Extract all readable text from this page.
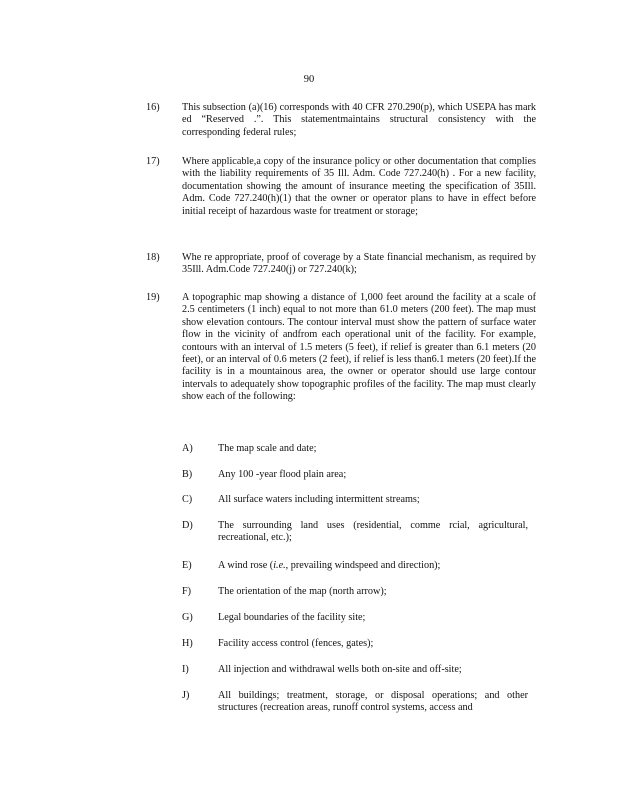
90
16) This subsection (a)(16) corresponds with 40 CFR 270.290(p), which USEPA has mark ed “Reserved .”. This statementmaintains structural consistency with the corresponding federal rules;
17) Where applicable,a copy of the insurance policy or other documentation that complies with the liability requirements of 35 Ill. Adm. Code 727.240(h) . For a new facility, documentation showing the amount of insurance meeting the specification of 35Ill. Adm. Code 727.240(h)(1) that the owner or operator plans to have in effect before initial receipt of hazardous waste for treatment or storage;
18) Whe re appropriate, proof of coverage by a State financial mechanism, as required by 35Ill. Adm.Code 727.240(j) or 727.240(k);
19) A topographic map showing a distance of 1,000 feet around the facility at a scale of 2.5 centimeters (1 inch) equal to not more than 61.0 meters (200 feet). The map must show elevation contours. The contour interval must show the pattern of surface water flow in the vicinity of andfrom each operational unit of the facility. For example, contours with an interval of 1.5 meters (5 feet), if relief is greater than 6.1 meters (20 feet), or an interval of 0.6 meters (2 feet), if relief is less than6.1 meters (20 feet).If the facility is in a mountainous area, the owner or operator should use large contour intervals to adequately show topographic profiles of the facility. The map must clearly show each of the following:
A) The map scale and date;
B)	Any 100 -year flood plain area;
C)	All surface waters including intermittent streams;
D) The surrounding land uses (residential, comme rcial, agricultural, recreational, etc.);
E)	A wind rose (i.e., prevailing windspeed and direction);
F)	The orientation of the map (north arrow);
G) Legal boundaries of the facility site;
H) Facility access control (fences, gates);
I)	All injection and withdrawal wells both on-site and off-site;
J)	All buildings; treatment, storage, or disposal operations; and other structures (recreation areas, runoff control systems, access and
